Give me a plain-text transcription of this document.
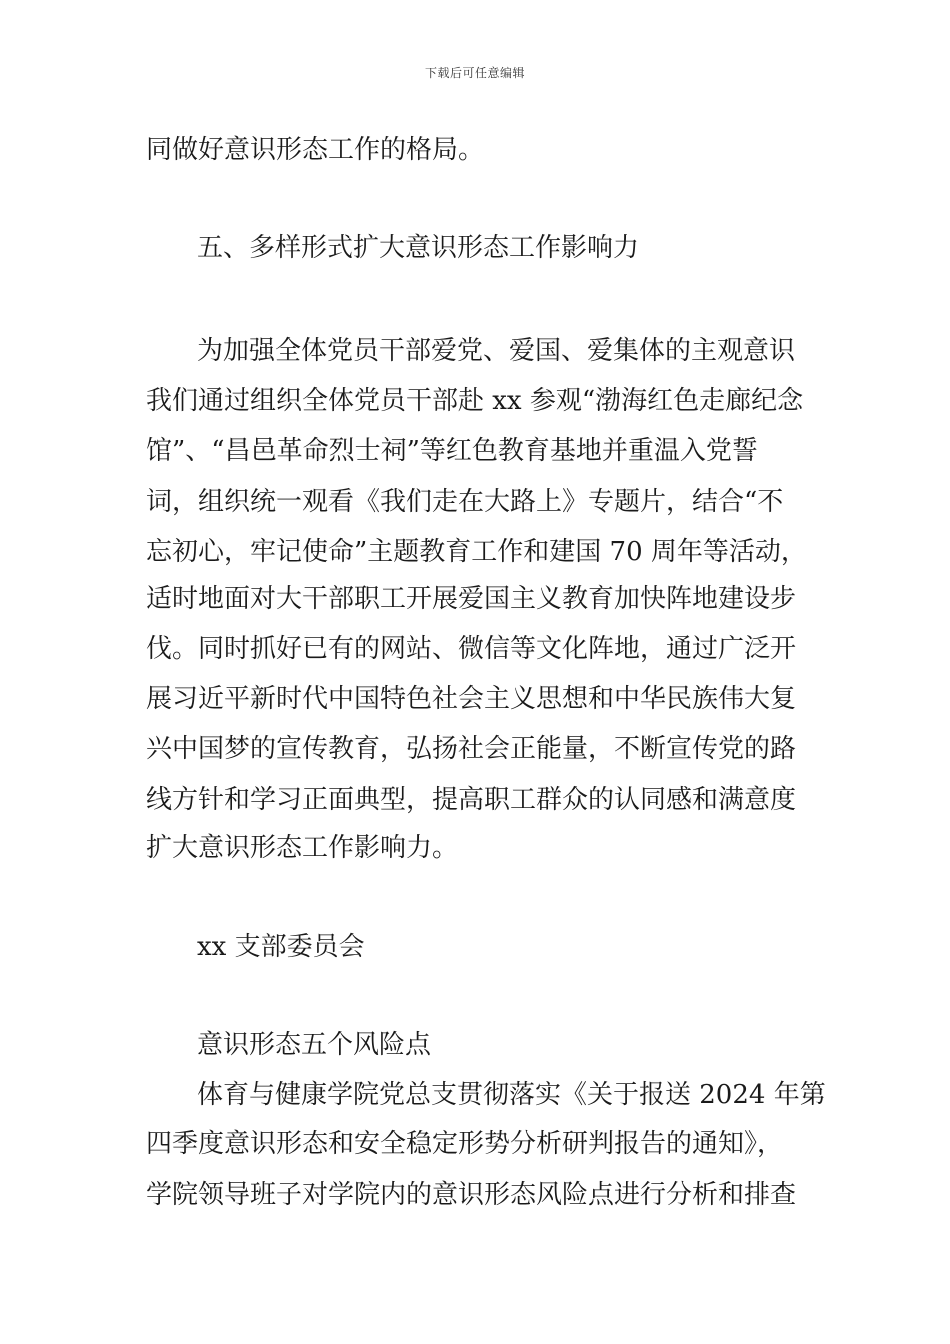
下载后可任意编辑
同做好意识形态工作的格局。
五、多样形式扩大意识形态工作影响力
为加强全体党员干部爱党、爱国、爱集体的主观意识
我们通过组织全体党员干部赴 xx 参观“渤海红色走廊纪念
馆”、“昌邑革命烈士祠”等红色教育基地并重温入党誓
词，组织统一观看《我们走在大路上》专题片，结合“不
忘初心，牢记使命”主题教育工作和建国 70 周年等活动，
适时地面对大干部职工开展爱国主义教育加快阵地建设步
伐。同时抓好已有的网站、微信等文化阵地，通过广泛开
展习近平新时代中国特色社会主义思想和中华民族伟大复
兴中国梦的宣传教育，弘扬社会正能量，不断宣传党的路
线方针和学习正面典型，提高职工群众的认同感和满意度
扩大意识形态工作影响力。
xx 支部委员会
意识形态五个风险点
体育与健康学院党总支贯彻落实《关于报送 2024 年第
四季度意识形态和安全稳定形势分析研判报告的通知》，
学院领导班子对学院内的意识形态风险点进行分析和排查
